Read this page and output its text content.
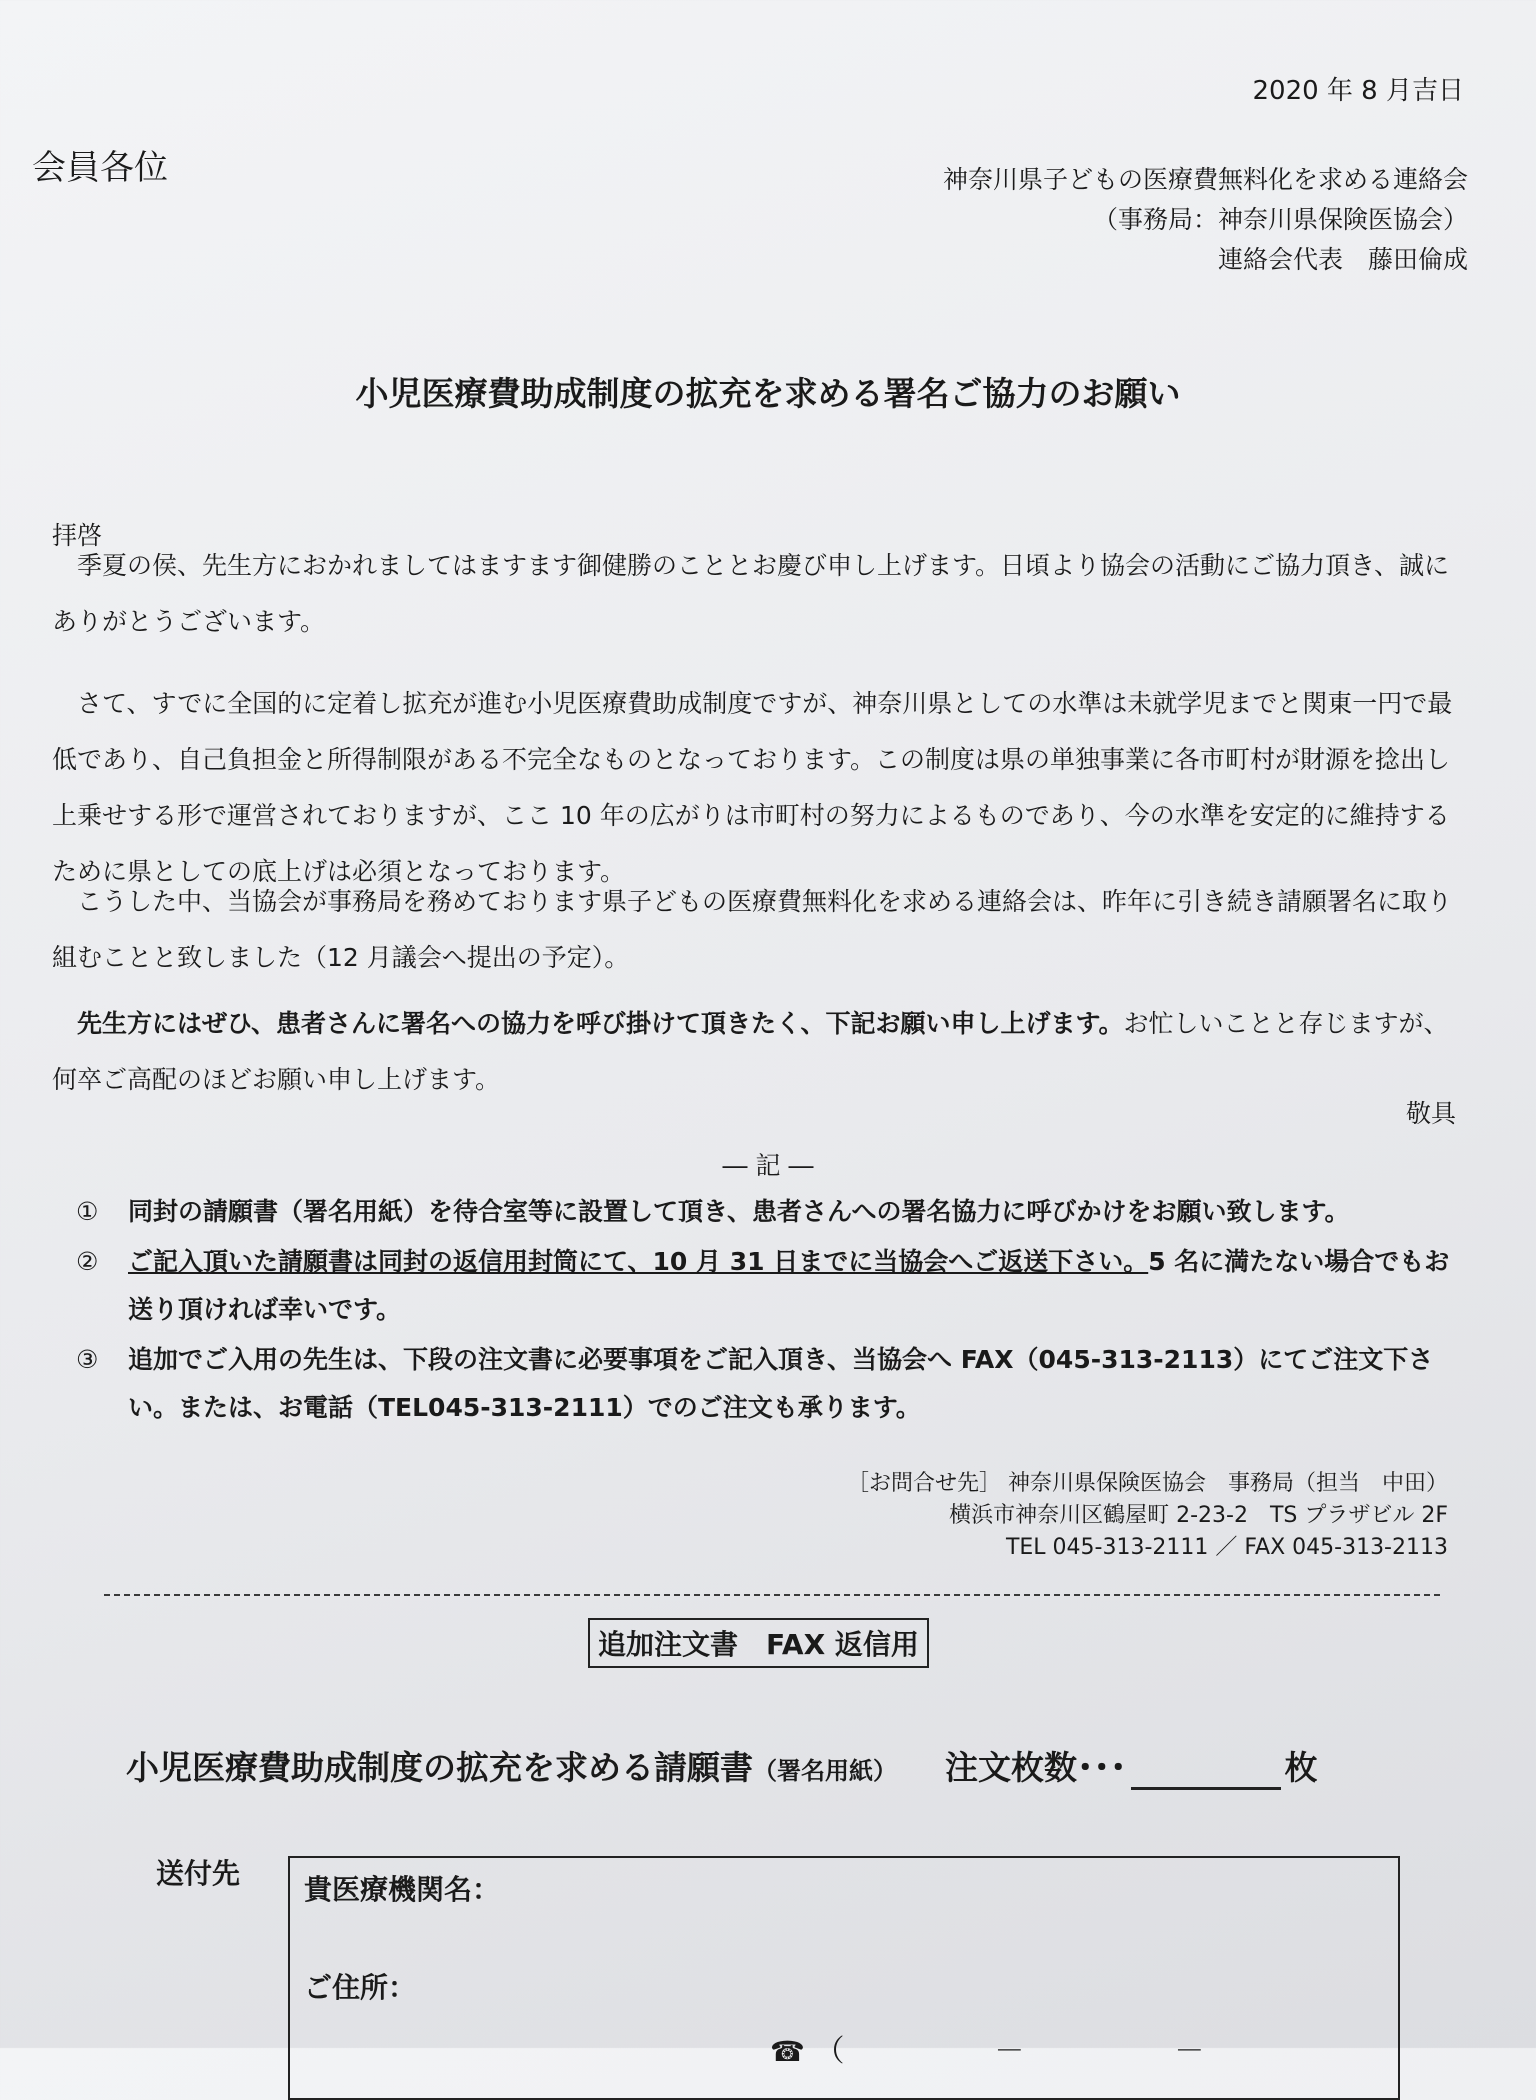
2020 年 8 月吉日
会員各位	神奈川県子どもの医療費無料化を求める連絡会
（事務局：神奈川県保険医協会）
連絡会代表　藤田倫成
小児医療費助成制度の拡充を求める署名ご協力のお願い
拝啓

季夏の侯、先生方におかれましてはますます御健勝のこととお慶び申し上げます。日頃より協会の活動にご協力頂き、誠にありがとうございます。

さて、すでに全国的に定着し拡充が進む小児医療費助成制度ですが、神奈川県としての水準は未就学児までと関東一円で最低であり、自己負担金と所得制限がある不完全なものとなっております。この制度は県の単独事業に各市町村が財源を捻出し上乗せする形で運営されておりますが、ここ 10 年の広がりは市町村の努力によるものであり、今の水準を安定的に維持するために県としての底上げは必須となっております。

こうした中、当協会が事務局を務めております県子どもの医療費無料化を求める連絡会は、昨年に引き続き請願署名に取り組むことと致しました（12 月議会へ提出の予定）。

先生方にはぜひ、患者さんに署名への協力を呼び掛けて頂きたく、下記お願い申し上げます。お忙しいことと存じますが、何卒ご高配のほどお願い申し上げます。

敬具
― 記 ―
①	同封の請願書（署名用紙）を待合室等に設置して頂き、患者さんへの署名協力に呼びかけをお願い致します。
②	ご記入頂いた請願書は同封の返信用封筒にて、10 月 31 日までに当協会へご返送下さい。5 名に満たない場合でもお送り頂ければ幸いです。
③	追加でご入用の先生は、下段の注文書に必要事項をご記入頂き、当協会へ FAX（045-313-2113）にてご注文下さい。または、お電話（TEL045-313-2111）でのご注文も承ります。
［お問合せ先］ 神奈川県保険医協会　事務局（担当　中田）
横浜市神奈川区鶴屋町 2-23-2　TS プラザビル 2F
TEL 045-313-2111 ／ FAX 045-313-2113
追加注文書　FAX 返信用
小児医療費助成制度の拡充を求める請願書 （署名用紙） 注文枚数･･･
	枚
送付先 貴医療機関名：
ご住所：
☎ （　　　　　－　　　　　－
